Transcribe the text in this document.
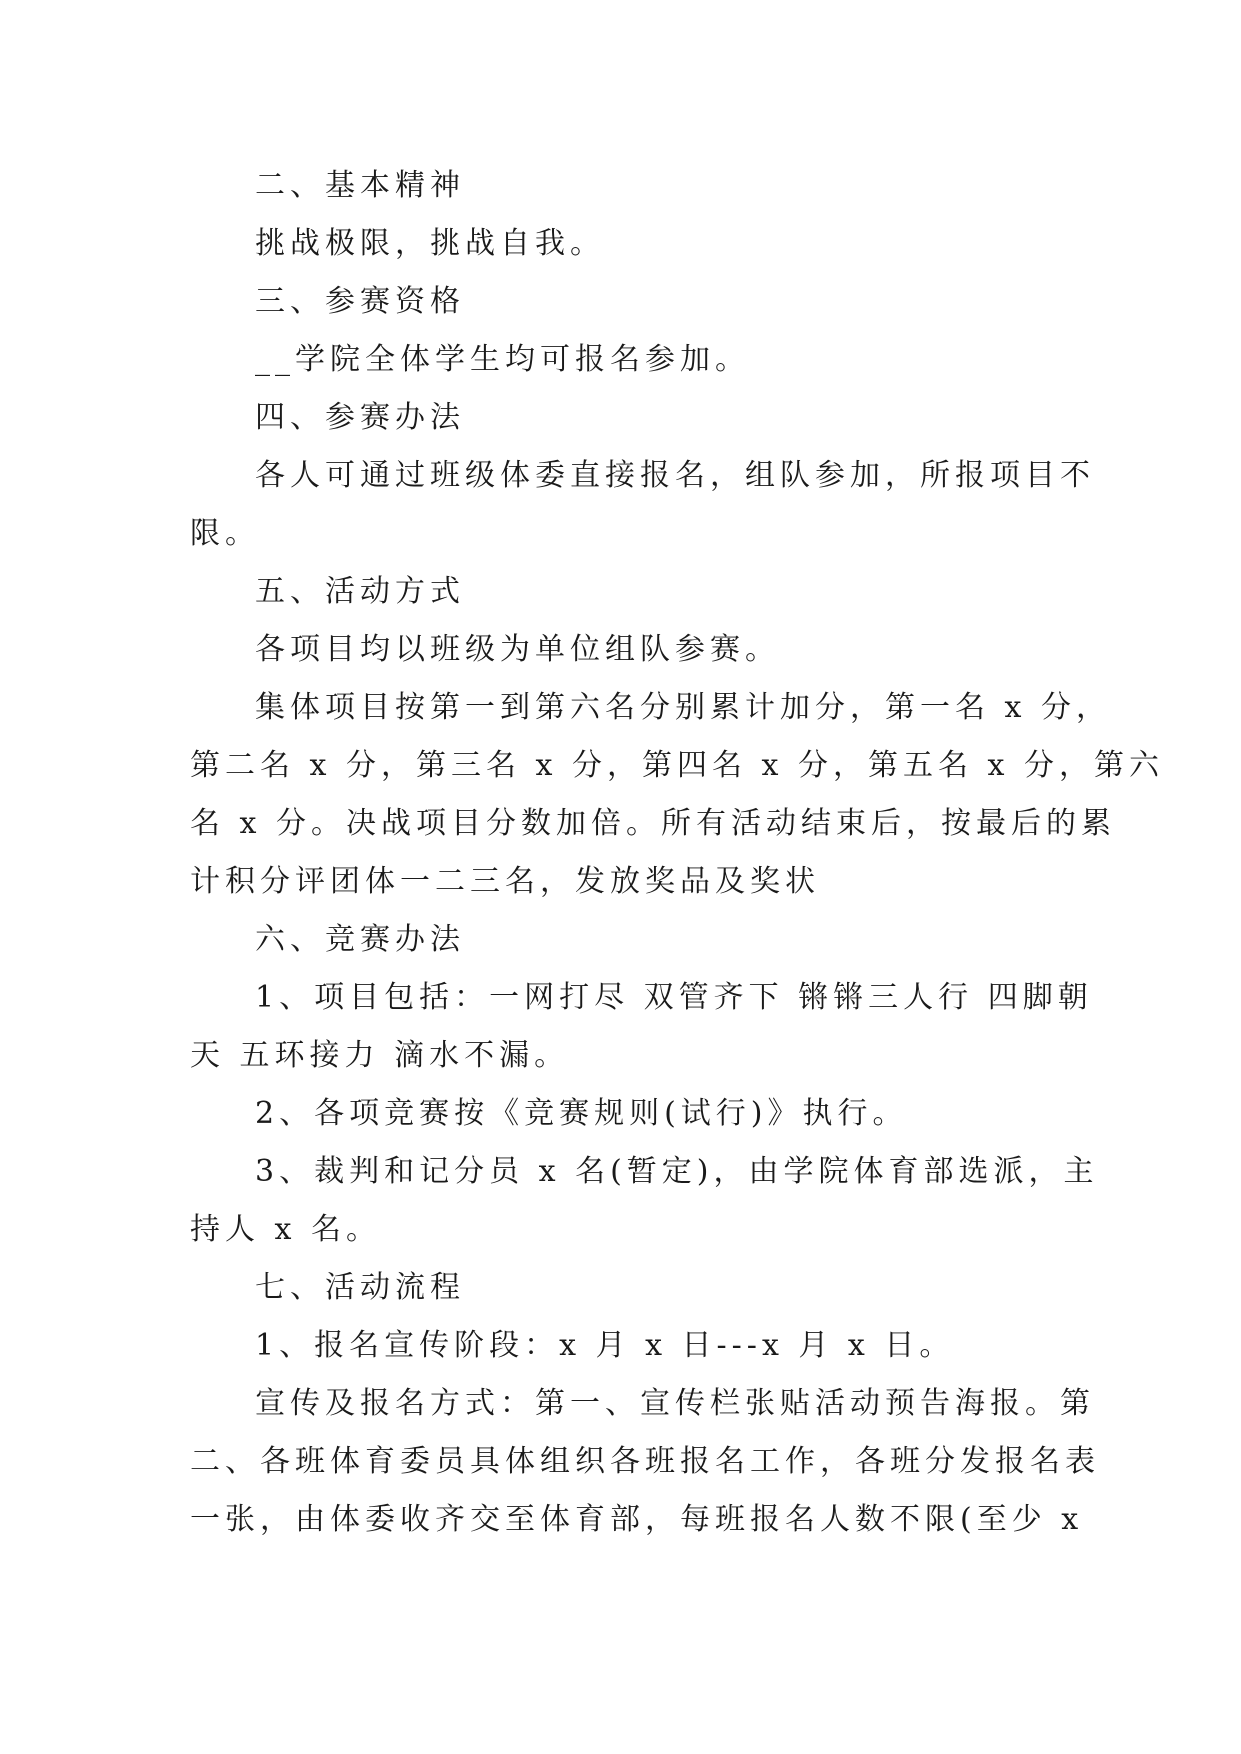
二、基本精神
挑战极限，挑战自我。
三、参赛资格
__学院全体学生均可报名参加。
四、参赛办法
各人可通过班级体委直接报名，组队参加，所报项目不
限。
五、活动方式
各项目均以班级为单位组队参赛。
集体项目按第一到第六名分别累计加分，第一名 x 分，
第二名 x 分，第三名 x 分，第四名 x 分，第五名 x 分，第六
名 x 分。决战项目分数加倍。所有活动结束后，按最后的累
计积分评团体一二三名，发放奖品及奖状
六、竞赛办法
1、项目包括：一网打尽 双管齐下 锵锵三人行 四脚朝
天 五环接力 滴水不漏。
2、各项竞赛按《竞赛规则(试行)》执行。
3、裁判和记分员 x 名(暂定)，由学院体育部选派，主
持人 x 名。
七、活动流程
1、报名宣传阶段：x 月 x 日---x 月 x 日。
宣传及报名方式：第一、宣传栏张贴活动预告海报。第
二、各班体育委员具体组织各班报名工作，各班分发报名表
一张，由体委收齐交至体育部，每班报名人数不限(至少 x
